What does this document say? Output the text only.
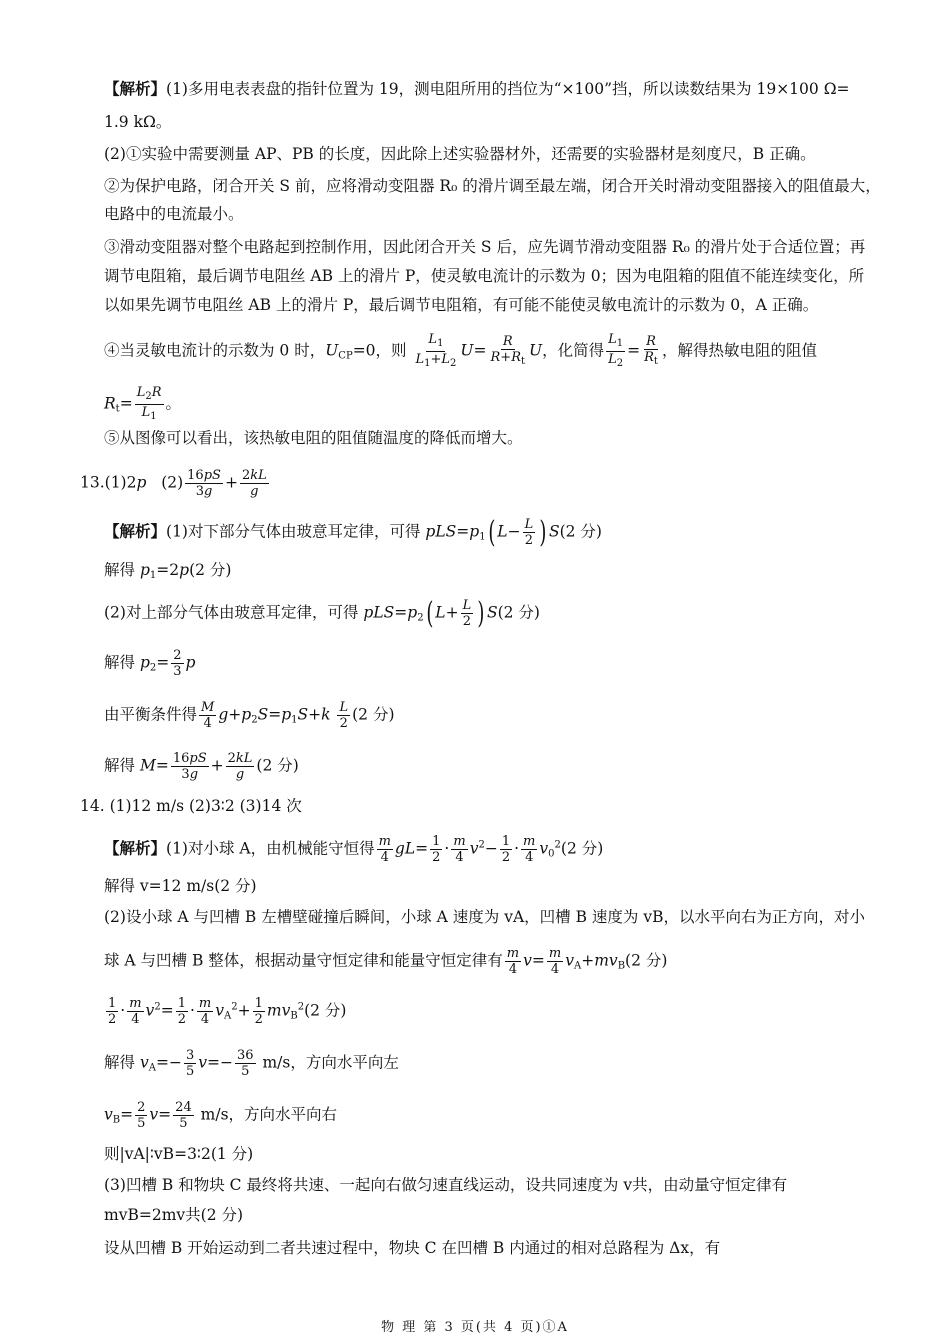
【解析】(1)多用电表表盘的指针位置为 19，测电阻所用的挡位为“×100”挡，所以读数结果为 19×100 Ω=
1.9 kΩ。
(2)①实验中需要测量 AP、PB 的长度，因此除上述实验器材外，还需要的实验器材是刻度尺，B 正确。
②为保护电路，闭合开关 S 前，应将滑动变阻器 R₀ 的滑片调至最左端，闭合开关时滑动变阻器接入的阻值最大，
电路中的电流最小。
③滑动变阻器对整个电路起到控制作用，因此闭合开关 S 后，应先调节滑动变阻器 R₀ 的滑片处于合适位置；再
调节电阻箱，最后调节电阻丝 AB 上的滑片 P，使灵敏电流计的示数为 0；因为电阻箱的阻值不能连续变化，所
以如果先调节电阻丝 AB 上的滑片 P，最后调节电阻箱，有可能不能使灵敏电流计的示数为 0，A 正确。
④当灵敏电流计的示数为 0 时，$U_{CP}=0$，则 $\frac{L_1}{L_1+L_2} U= \frac{R}{R+R_t}$ U，化简得 $\frac{L_1}{L_2} = \frac{R}{R_t}$ ，解得热敏电阻的阻值
$R_t= \frac{L_2R}{L_1}$ 。
⑤从图像可以看出，该热敏电阻的阻值随温度的降低而增大。
13.(1)2p $(2) \frac{16pS}{3g} + \frac{2kL}{g}$
【解析】(1)对下部分气体由玻意耳定律，可得 $pLS=p_1$( $L- \frac{L}{2}$ ) S(2 分)
解得 $p_1=2p(2$ 分)
(2)对上部分气体由玻意耳定律，可得 $pLS=p_2$( $L+ \frac{L}{2}$ ) S(2 分)
解得 $p_2= \frac{2}{3}$ p
由平衡条件得 $\frac{M}{4} g+p_2S=p_1S+k \frac{L}{2} (2$ 分)
解得 $M= \frac{16pS}{3g} + \frac{2kL}{g} (2$ 分)
14. (1)12 m/s (2)3∶2 (3)14 次
【解析】(1)对小球 A，由机械能守恒得 $\frac{m}{4} gL= \frac{1}{2} \cdot \frac{m}{4} v^2- \frac{1}{2} \cdot \frac{m}{4} v_0^2(2$ 分)
解得 v=12 m/s(2 分)
(2)设小球 A 与凹槽 B 左槽壁碰撞后瞬间，小球 A 速度为 vA，凹槽 B 速度为 vB，以水平向右为正方向，对小
球 A 与凹槽 B 整体，根据动量守恒定律和能量守恒定律有 $\frac{m}{4} v= \frac{m}{4} v_A+mv_B(2$ 分)
$\frac{1}{2} \cdot \frac{m}{4} v^2= \frac{1}{2} \cdot \frac{m}{4} v_A^2+ \frac{1}{2} mv_B^2(2$ 分)
解得 $v_A=- \frac{3}{5} v=- \frac{36}{5} m/s$，方向水平向左
$v_B= \frac{2}{5} v= \frac{24}{5} m/s$，方向水平向右
则|vA|∶vB=3∶2(1 分)
(3)凹槽 B 和物块 C 最终将共速、一起向右做匀速直线运动，设共同速度为 v共，由动量守恒定律有
mvB=2mv共(2 分)
设从凹槽 B 开始运动到二者共速过程中，物块 C 在凹槽 B 内通过的相对总路程为 Δx，有
物 理 第 3 页(共 4 页)①A
